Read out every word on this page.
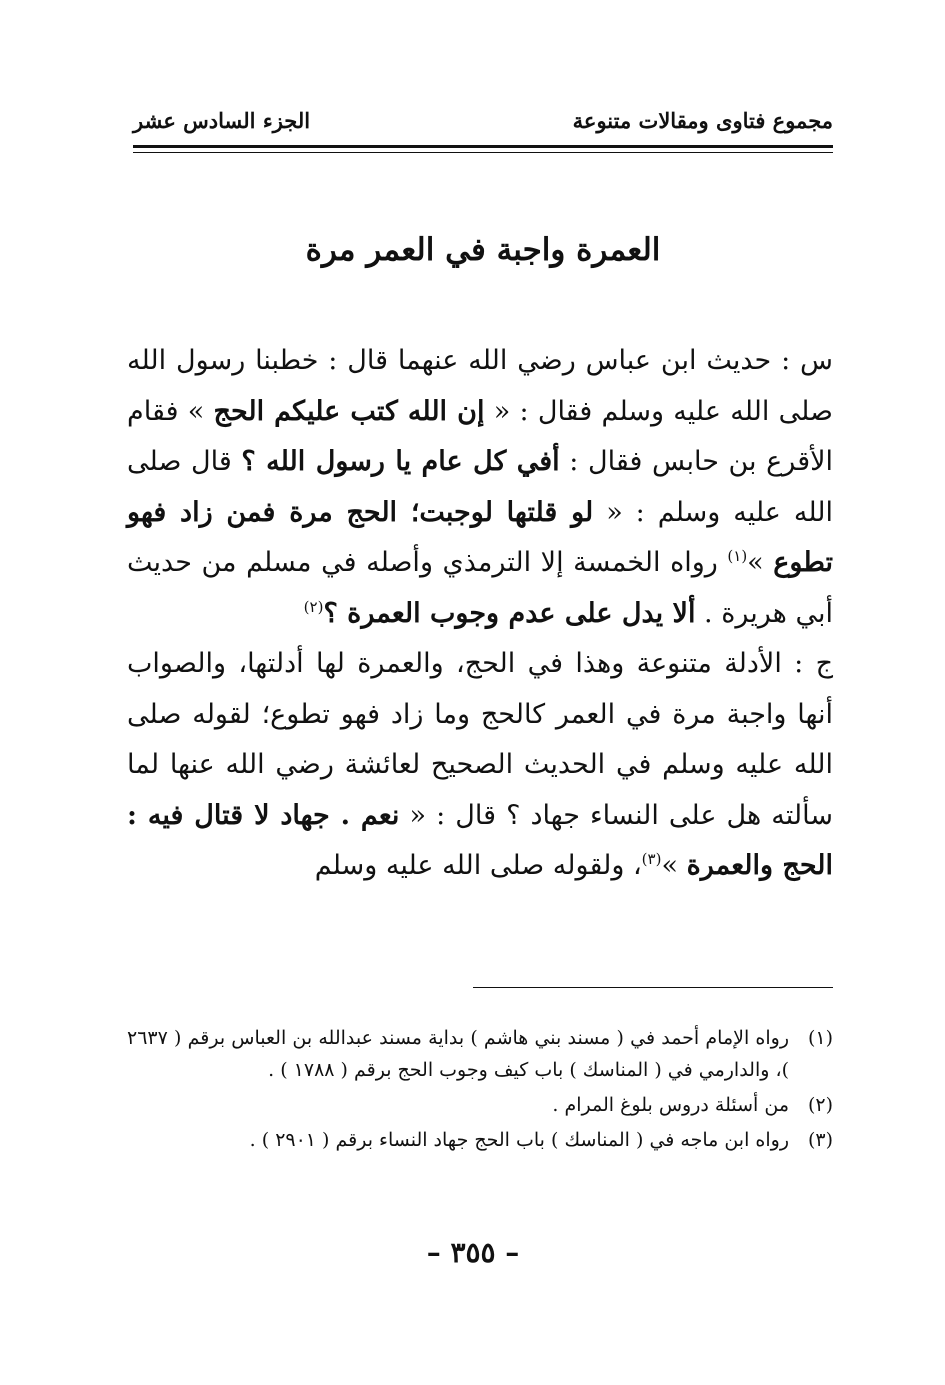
مجموع فتاوى ومقالات متنوعة
الجزء السادس عشر
العمرة واجبة في العمر مرة

س : حديث ابن عباس رضي الله عنهما قال : خطبنا رسول الله صلى الله عليه وسلم فقال : « إن الله كتب عليكم الحج » فقام الأقرع بن حابس فقال : أفي كل عام يا رسول الله ؟ قال صلى الله عليه وسلم : « لو قلتها لوجبت؛ الحج مرة فمن زاد فهو تطوع »$^{(١)}$ رواه الخمسة إلا الترمذي وأصله في مسلم من حديث أبي هريرة . ألا يدل على عدم وجوب العمرة ؟$^{(٢)}$

ج : الأدلة متنوعة وهذا في الحج، والعمرة لها أدلتها، والصواب أنها واجبة مرة في العمر كالحج وما زاد فهو تطوع؛ لقوله صلى الله عليه وسلم في الحديث الصحيح لعائشة رضي الله عنها لما سألته هل على النساء جهاد ؟ قال : « نعم . جهاد لا قتال فيه : الحج والعمرة »$^{(٣)}$، ولقوله صلى الله عليه وسلم

(١)
رواه الإمام أحمد في ( مسند بني هاشم ) بداية مسند عبدالله بن العباس برقم ( ٢٦٣٧ )، والدارمي في ( المناسك ) باب كيف وجوب الحج برقم ( ١٧٨٨ ) .
(٢)
من أسئلة دروس بلوغ المرام .
(٣)
رواه ابن ماجه في ( المناسك ) باب الحج جهاد النساء برقم ( ٢٩٠١ ) .
– ٣٥٥ –
